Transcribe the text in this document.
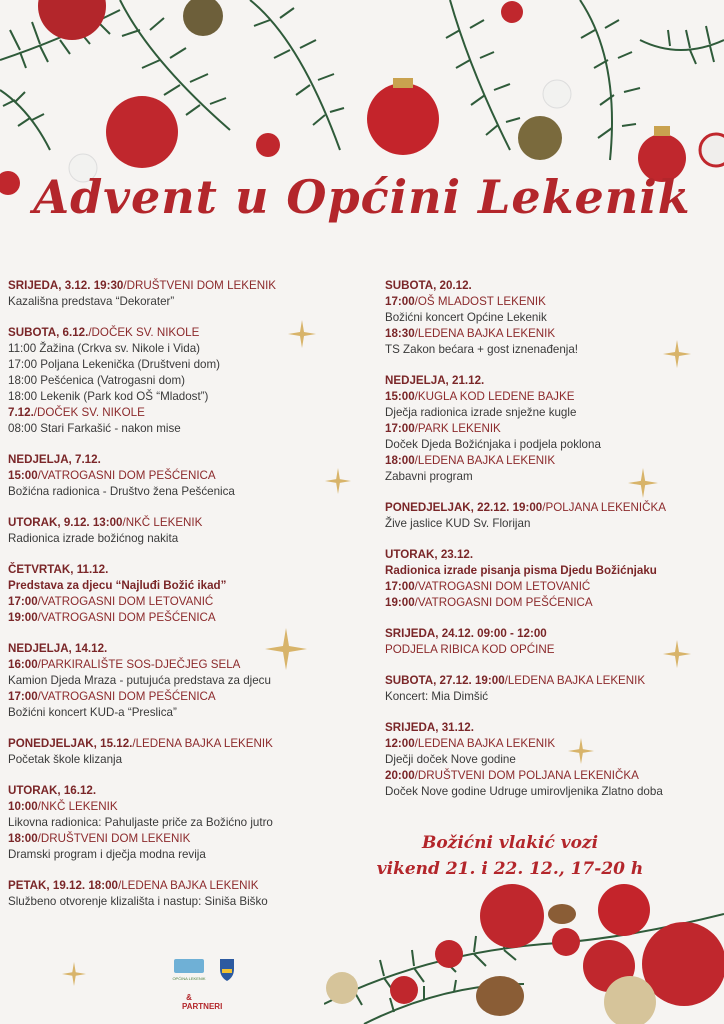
Advent u Općini Lekenik
SRIJEDA, 3.12. 19:30/DRUŠTVENI DOM LEKENIK
Kazališna predstava “Dekorater”
SUBOTA, 6.12./DOČEK SV. NIKOLE
11:00 Žažina (Crkva sv. Nikole i Vida)
17:00 Poljana Lekenička (Društveni dom)
18:00 Pešćenica (Vatrogasni dom)
18:00 Lekenik (Park kod OŠ “Mladost”)
7.12./DOČEK SV. NIKOLE
08:00 Stari Farkašić - nakon mise
NEDJELJA, 7.12.
15:00/VATROGASNI DOM PEŠĆENICA
Božićna radionica - Društvo žena Pešćenica
UTORAK, 9.12. 13:00/NKČ LEKENIK
Radionica izrade božićnog nakita
ČETVRTAK, 11.12.
Predstava za djecu “Najluđi Božić ikad”
17:00/VATROGASNI DOM LETOVANIĆ
19:00/VATROGASNI DOM PEŠĆENICA
NEDJELJA, 14.12.
16:00/PARKIRALIŠTE SOS-DJEČJEG SELA
Kamion Djeda Mraza - putujuća predstava za djecu
17:00/VATROGASNI DOM PEŠĆENICA
Božićni koncert KUD-a “Preslica”
PONEDJELJAK, 15.12./LEDENA BAJKA LEKENIK
Početak škole klizanja
UTORAK, 16.12.
10:00/NKČ LEKENIK
Likovna radionica: Pahuljaste priče za Božićno jutro
18:00/DRUŠTVENI DOM LEKENIK
Dramski program i dječja modna revija
PETAK, 19.12. 18:00/LEDENA BAJKA LEKENIK
Službeno otvorenje klizališta i nastup: Siniša Biško
SUBOTA, 20.12.
17:00/OŠ MLADOST LEKENIK
Božićni koncert Općine Lekenik
18:30/LEDENA BAJKA LEKENIK
TS Zakon bećara + gost iznenađenja!
NEDJELJA, 21.12.
15:00/KUGLA KOD LEDENE BAJKE
Dječja radionica izrade snježne kugle
17:00/PARK LEKENIK
Doček Djeda Božićnjaka i podjela poklona
18:00/LEDENA BAJKA LEKENIK
Zabavni program
PONEDJELJAK, 22.12. 19:00/POLJANA LEKENIČKA
Žive jaslice KUD Sv. Florijan
UTORAK, 23.12.
Radionica izrade pisanja pisma Djedu Božićnjaku
17:00/VATROGASNI DOM LETOVANIĆ
19:00/VATROGASNI DOM PEŠĆENICA
SRIJEDA, 24.12. 09:00 - 12:00
PODJELA RIBICA KOD OPĆINE
SUBOTA, 27.12. 19:00/LEDENA BAJKA LEKENIK
Koncert: Mia Dimšić
SRIJEDA, 31.12.
12:00/LEDENA BAJKA LEKENIK
Dječji doček Nove godine
20:00/DRUŠTVENI DOM POLJANA LEKENIČKA
Doček Nove godine Udruge umirovljenika Zlatno doba
Božićni vlakić vozi
vikend 21. i 22. 12., 17-20 h
OPĆINA LEKENIK
&
PARTNERI
